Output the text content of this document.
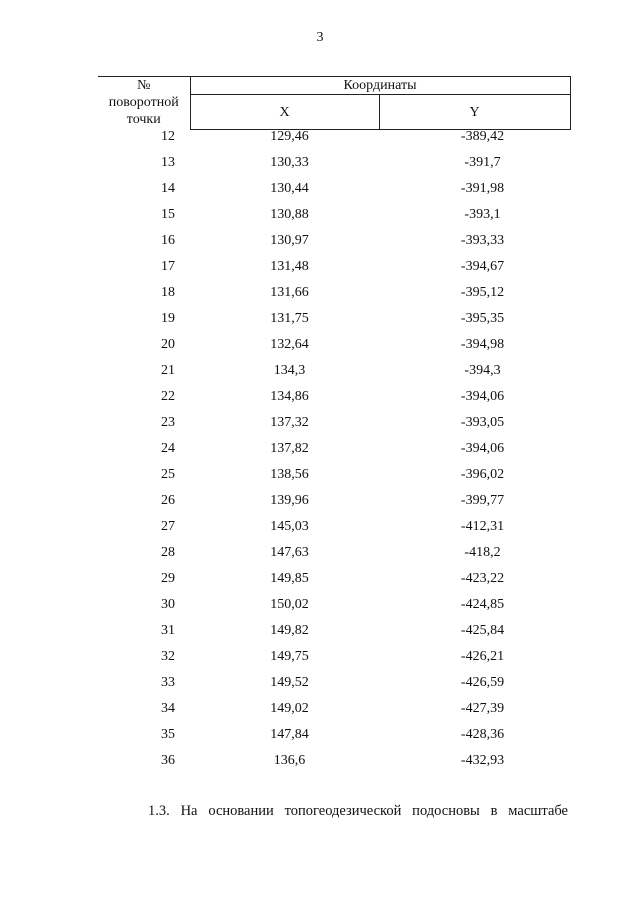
3
№
поворотной
точки	Координаты	
	X	Y
12	129,46	-389,42
13	130,33	-391,7
14	130,44	-391,98
15	130,88	-393,1
16	130,97	-393,33
17	131,48	-394,67
18	131,66	-395,12
19	131,75	-395,35
20	132,64	-394,98
21	134,3	-394,3
22	134,86	-394,06
23	137,32	-393,05
24	137,82	-394,06
25	138,56	-396,02
26	139,96	-399,77
27	145,03	-412,31
28	147,63	-418,2
29	149,85	-423,22
30	150,02	-424,85
31	149,82	-425,84
32	149,75	-426,21
33	149,52	-426,59
34	149,02	-427,39
35	147,84	-428,36
36	136,6	-432,93
1.3. На основании топогеодезической подосновы в масштабе
